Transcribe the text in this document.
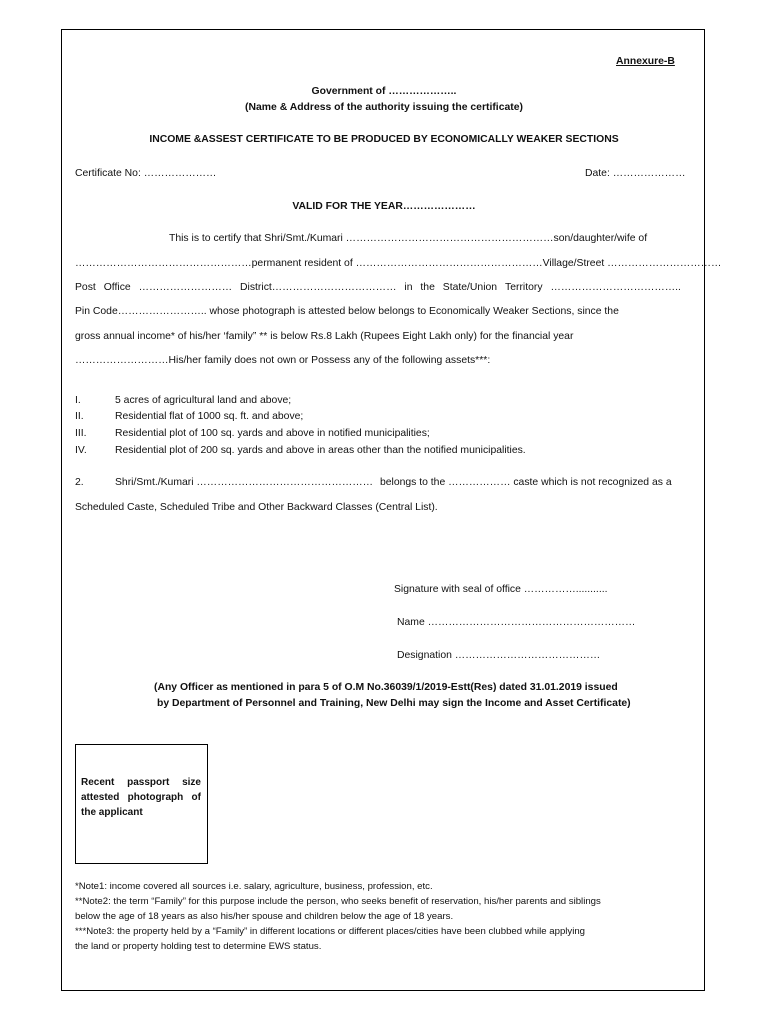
Annexure-B
Government of ………………..
(Name & Address of the authority issuing the certificate)
INCOME &ASSEST CERTIFICATE TO BE PRODUCED BY ECONOMICALLY WEAKER SECTIONS
Certificate No: …………………	Date: …………………
VALID FOR THE YEAR…………………
This is to certify that Shri/Smt./Kumari ……………………………………………………son/daughter/wife of
…………………………………………… permanent resident of ……………………………………………… Village/Street ……………………………
Post Office ……………………… District……………………………… in the State/Union Territory ………………………………..
Pin Code…………………….. whose photograph is attested below belongs to Economically Weaker Sections, since the
gross annual income* of his/her ‘family” ** is below Rs.8 Lakh (Rupees Eight Lakh only) for the financial year
………………………His/her family does not own or Possess any of the following assets***:
I.	5 acres of agricultural land and above;
II.	Residential flat of 1000 sq. ft. and above;
III.	Residential plot of 100 sq. yards and above in notified municipalities;
IV.	Residential plot of 200 sq. yards and above in areas other than the notified municipalities.
2.	Shri/Smt./Kumari …………………………………………… belongs to the ……………… caste which is not recognized as a
Scheduled Caste, Scheduled Tribe and Other Backward Classes (Central List).
Signature with seal of office ……………...........
Name ……………………………………………………
Designation ……………………………………
(Any Officer as mentioned in para 5 of O.M No.36039/1/2019-Estt(Res) dated 31.01.2019 issued
by Department of Personnel and Training, New Delhi may sign the Income and Asset Certificate)
Recent passport size attested photograph of the applicant
*Note1: income covered all sources i.e. salary, agriculture, business, profession, etc.
**Note2: the term “Family” for this purpose include the person, who seeks benefit of reservation, his/her parents and siblings
below the age of 18 years as also his/her spouse and children below the age of 18 years.
***Note3: the property held by a “Family” in different locations or different places/cities have been clubbed while applying
the land or property holding test to determine EWS status.
